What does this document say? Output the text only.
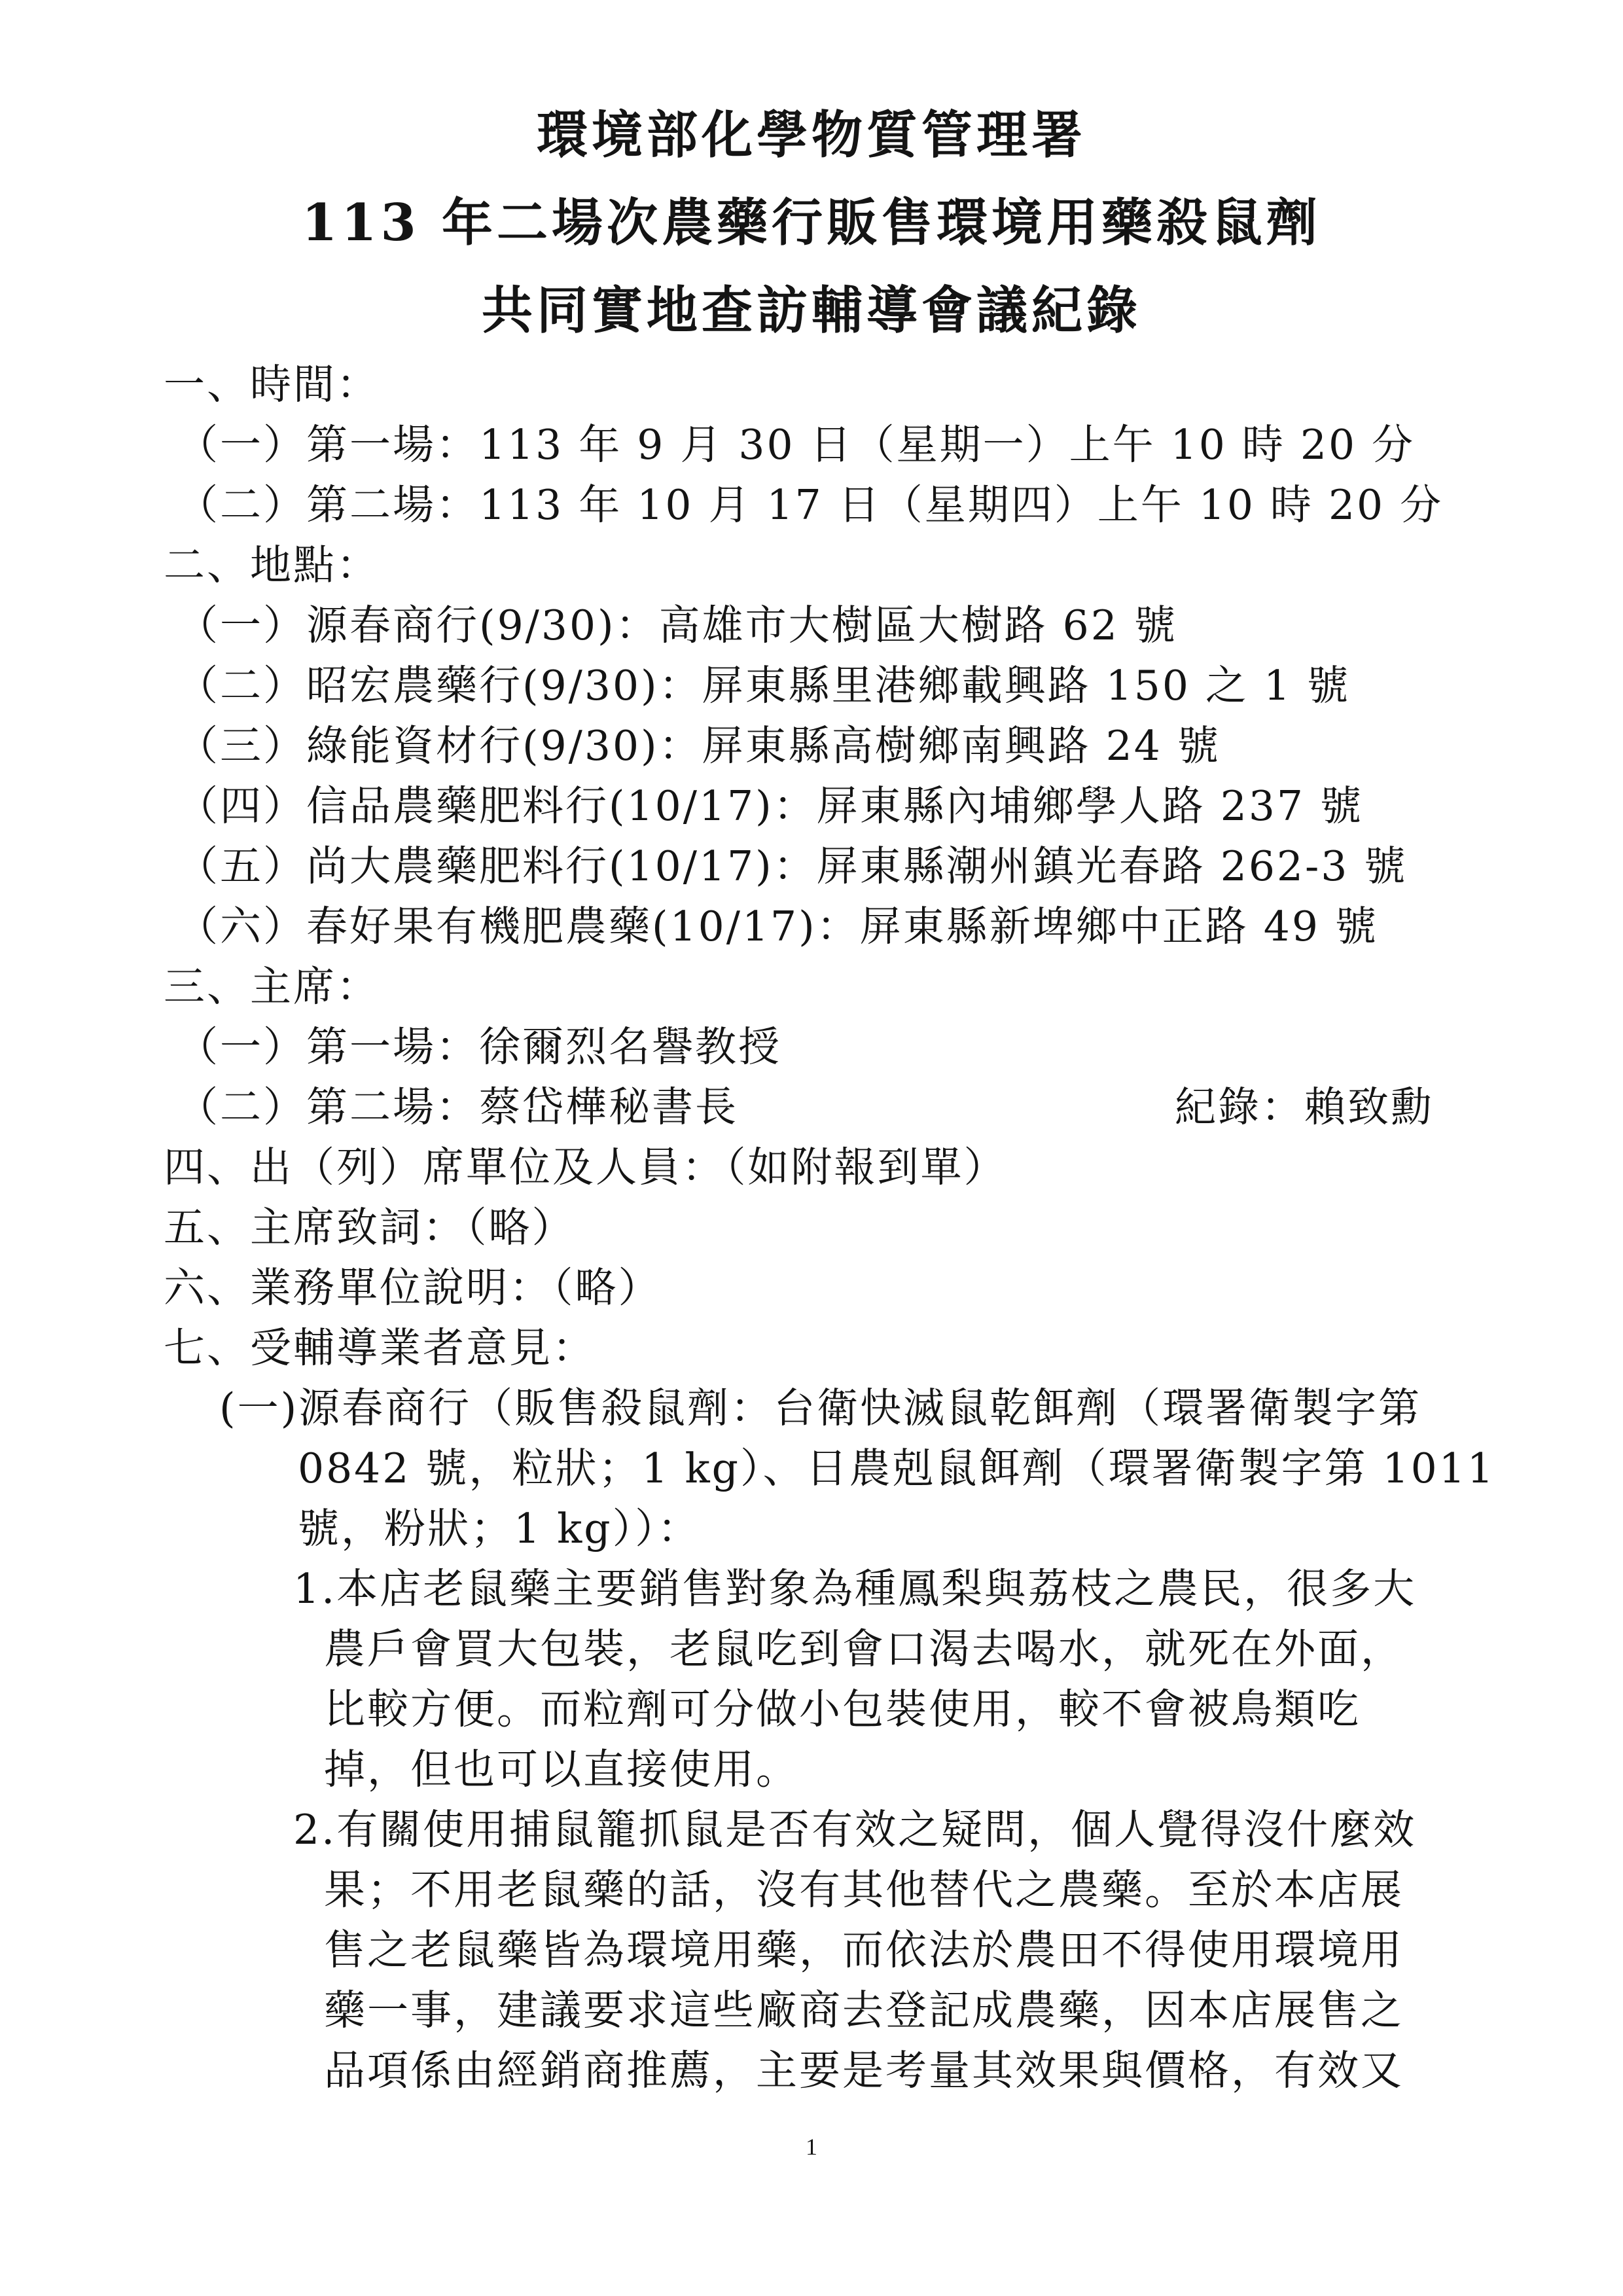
環境部化學物質管理署
113 年二場次農藥行販售環境用藥殺鼠劑
共同實地查訪輔導會議紀錄
一、時間：
（一）第一場：113 年 9 月 30 日（星期一）上午 10 時 20 分
（二）第二場：113 年 10 月 17 日（星期四）上午 10 時 20 分
二、地點：
（一）源春商行(9/30)：高雄市大樹區大樹路 62 號
（二）昭宏農藥行(9/30)：屏東縣里港鄉載興路 150 之 1 號
（三）綠能資材行(9/30)：屏東縣高樹鄉南興路 24 號
（四）信品農藥肥料行(10/17)：屏東縣內埔鄉學人路 237 號
（五）尚大農藥肥料行(10/17)：屏東縣潮州鎮光春路 262-3 號
（六）春好果有機肥農藥(10/17)：屏東縣新埤鄉中正路 49 號
三、主席：
（一）第一場：徐爾烈名譽教授
（二）第二場：蔡岱樺秘書長	紀錄：賴致勳
四、出（列）席單位及人員：（如附報到單）
五、主席致詞：（略）
六、業務單位說明：（略）
七、受輔導業者意見：
(一)源春商行（販售殺鼠劑：台衛快滅鼠乾餌劑（環署衛製字第
0842 號，粒狀；1 kg）、日農剋鼠餌劑（環署衛製字第 1011
號，粉狀；1 kg））：
1.本店老鼠藥主要銷售對象為種鳳梨與荔枝之農民，很多大
農戶會買大包裝，老鼠吃到會口渴去喝水，就死在外面，
比較方便。而粒劑可分做小包裝使用，較不會被鳥類吃
掉，但也可以直接使用。
2.有關使用捕鼠籠抓鼠是否有效之疑問，個人覺得沒什麼效
果；不用老鼠藥的話，沒有其他替代之農藥。至於本店展
售之老鼠藥皆為環境用藥，而依法於農田不得使用環境用
藥一事，建議要求這些廠商去登記成農藥，因本店展售之
品項係由經銷商推薦，主要是考量其效果與價格，有效又
1
